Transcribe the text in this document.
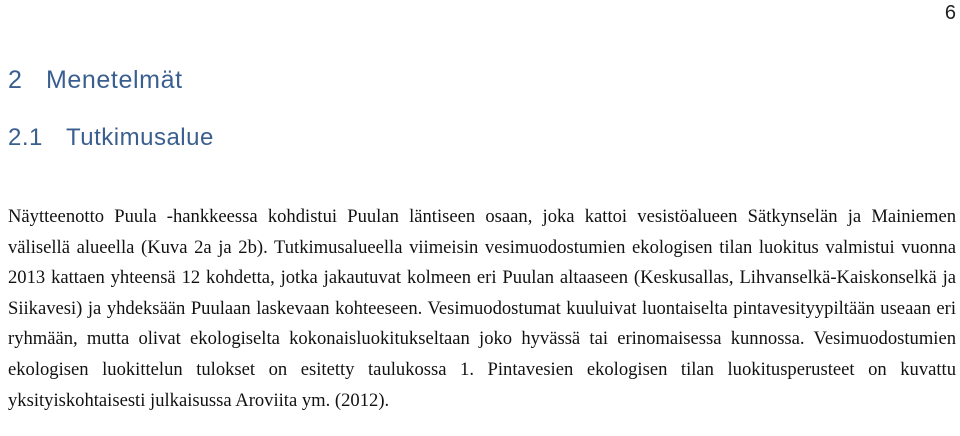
6
2 Menetelmät
2.1 Tutkimusalue

Näytteenotto Puula -hankkeessa kohdistui Puulan läntiseen osaan, joka kattoi vesistöalueen Sätkynselän ja Mainiemen välisellä alueella (Kuva 2a ja 2b). Tutkimusalueella viimeisin vesimuodostumien ekologisen tilan luokitus valmistui vuonna 2013 kattaen yhteensä 12 kohdetta, jotka jakautuvat kolmeen eri Puulan altaaseen (Keskusallas, Lihvanselkä-Kaiskonselkä ja Siikavesi) ja yhdeksään Puulaan laskevaan kohteeseen. Vesimuodostumat kuuluivat luontaiselta pintavesityypiltään useaan eri ryhmään, mutta olivat ekologiselta kokonaisluokitukseltaan joko hyvässä tai erinomaisessa kunnossa. Vesimuodostumien ekologisen luokittelun tulokset on esitetty taulukossa 1. Pintavesien ekologisen tilan luokitusperusteet on kuvattu yksityiskohtaisesti julkaisussa Aroviita ym. (2012).
